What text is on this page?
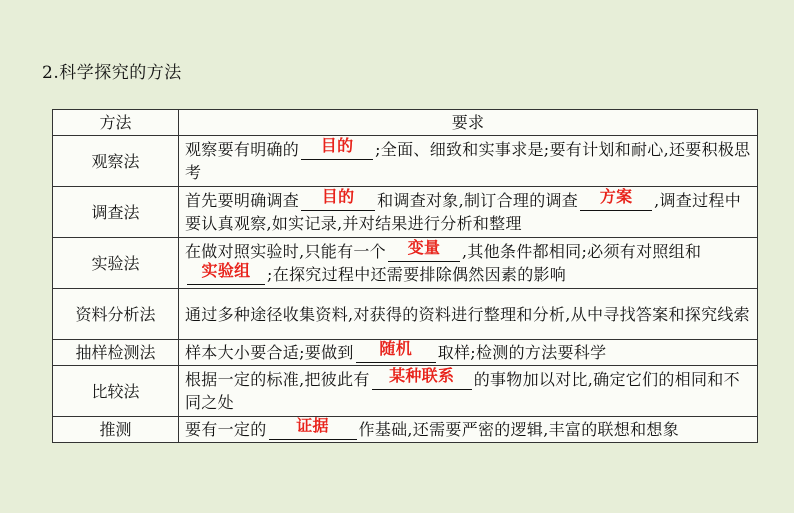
2.科学探究的方法
方法	要求
观察法	观察要有明确的 目的 ;全面、细致和实事求是;要有计划和耐心,还要积极思考
调查法	首先要明确调查 目的 和调查对象,制订合理的调查 方案 ,调查过程中要认真观察,如实记录,并对结果进行分析和整理
实验法	在做对照实验时,只能有一个 变量 ,其他条件都相同;必须有对照组和实验组 ;在探究过程中还需要排除偶然因素的影响
资料分析法	通过多种途径收集资料,对获得的资料进行整理和分析,从中寻找答案和探究线索
抽样检测法	样本大小要合适;要做到 随机 取样;检测的方法要科学
比较法	根据一定的标准,把彼此有 某种联系 的事物加以对比,确定它们的相同和不同之处
推测	要有一定的 证据 作基础,还需要严密的逻辑,丰富的联想和想象
